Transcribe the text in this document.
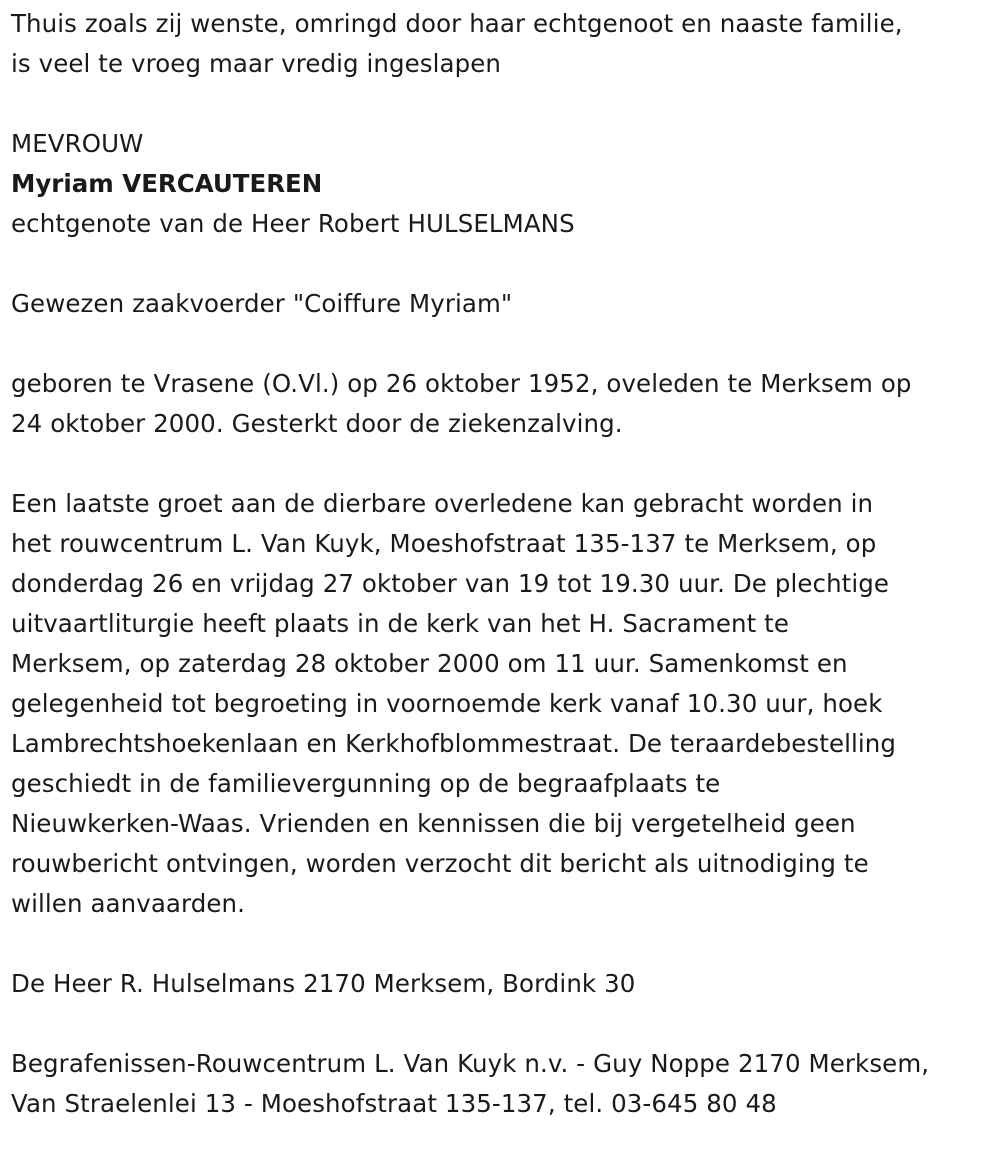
Thuis zoals zij wenste, omringd door haar echtgenoot en naaste familie,

is veel te vroeg maar vredig ingeslapen

MEVROUW

Myriam VERCAUTEREN

echtgenote van de Heer Robert HULSELMANS

Gewezen zaakvoerder "Coiffure Myriam"

geboren te Vrasene (O.Vl.) op 26 oktober 1952, oveleden te Merksem op

24 oktober 2000. Gesterkt door de ziekenzalving.

Een laatste groet aan de dierbare overledene kan gebracht worden in

het rouwcentrum L. Van Kuyk, Moeshofstraat 135-137 te Merksem, op

donderdag 26 en vrijdag 27 oktober van 19 tot 19.30 uur. De plechtige

uitvaartliturgie heeft plaats in de kerk van het H. Sacrament te

Merksem, op zaterdag 28 oktober 2000 om 11 uur. Samenkomst en

gelegenheid tot begroeting in voornoemde kerk vanaf 10.30 uur, hoek

Lambrechtshoekenlaan en Kerkhofblommestraat. De teraardebestelling

geschiedt in de familievergunning op de begraafplaats te

Nieuwkerken-Waas. Vrienden en kennissen die bij vergetelheid geen

rouwbericht ontvingen, worden verzocht dit bericht als uitnodiging te

willen aanvaarden.

De Heer R. Hulselmans 2170 Merksem, Bordink 30

Begrafenissen-Rouwcentrum L. Van Kuyk n.v. - Guy Noppe 2170 Merksem,

Van Straelenlei 13 - Moeshofstraat 135-137, tel. 03-645 80 48
